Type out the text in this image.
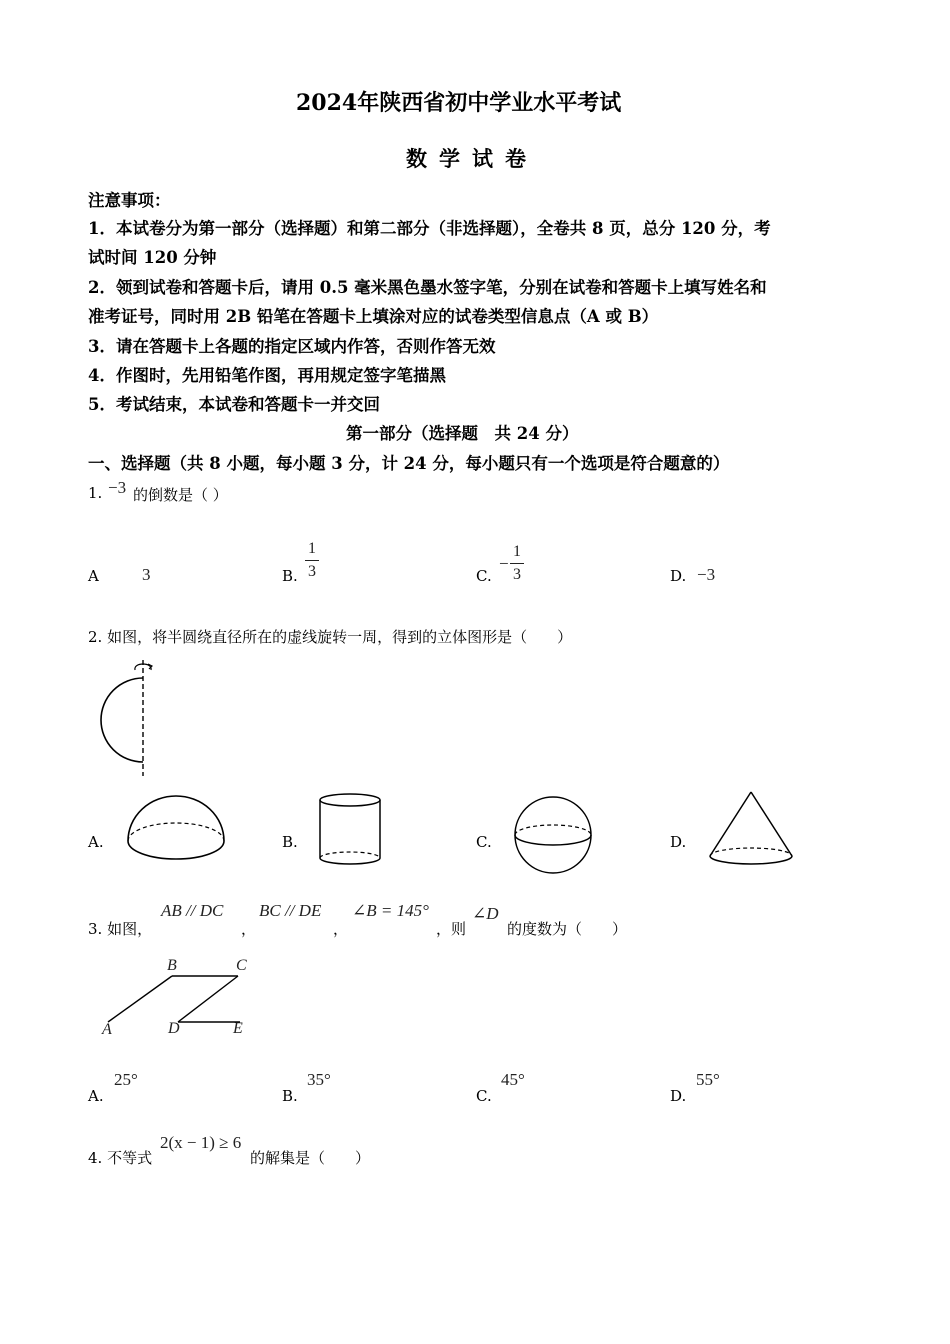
2024年陕西省初中学业水平考试
数学试卷
注意事项：
1．本试卷分为第一部分（选择题）和第二部分（非选择题），全卷共 8 页，总分 120 分，考
试时间 120 分钟
2．领到试卷和答题卡后，请用 0.5 毫米黑色墨水签字笔，分别在试卷和答题卡上填写姓名和
准考证号，同时用 2B 铅笔在答题卡上填涂对应的试卷类型信息点（A 或 B）
3．请在答题卡上各题的指定区域内作答，否则作答无效
4．作图时，先用铅笔作图，再用规定签字笔描黑
5．考试结束，本试卷和答题卡一并交回
第一部分（选择题　共 24 分）
一、选择题（共 8 小题，每小题 3 分，计 24 分，每小题只有一个选项是符合题意的）
1. −3 的倒数是（ ）
A	3	B.
1
3	C.
−
1
3	D. −3
2. 如图，将半圆绕直径所在的虚线旋转一周，得到的立体图形是（　　）
A.	B.	C.	D.
3. 如图，
AB // DC
，
BC // DE
，
∠B = 145°
，则
∠D
的度数为（　　）
B	C
A	D	E
A.
25°
B.
35°
C.
45°
D.
55°
4. 不等式
2(x − 1) ≥ 6
的解集是（　　）
